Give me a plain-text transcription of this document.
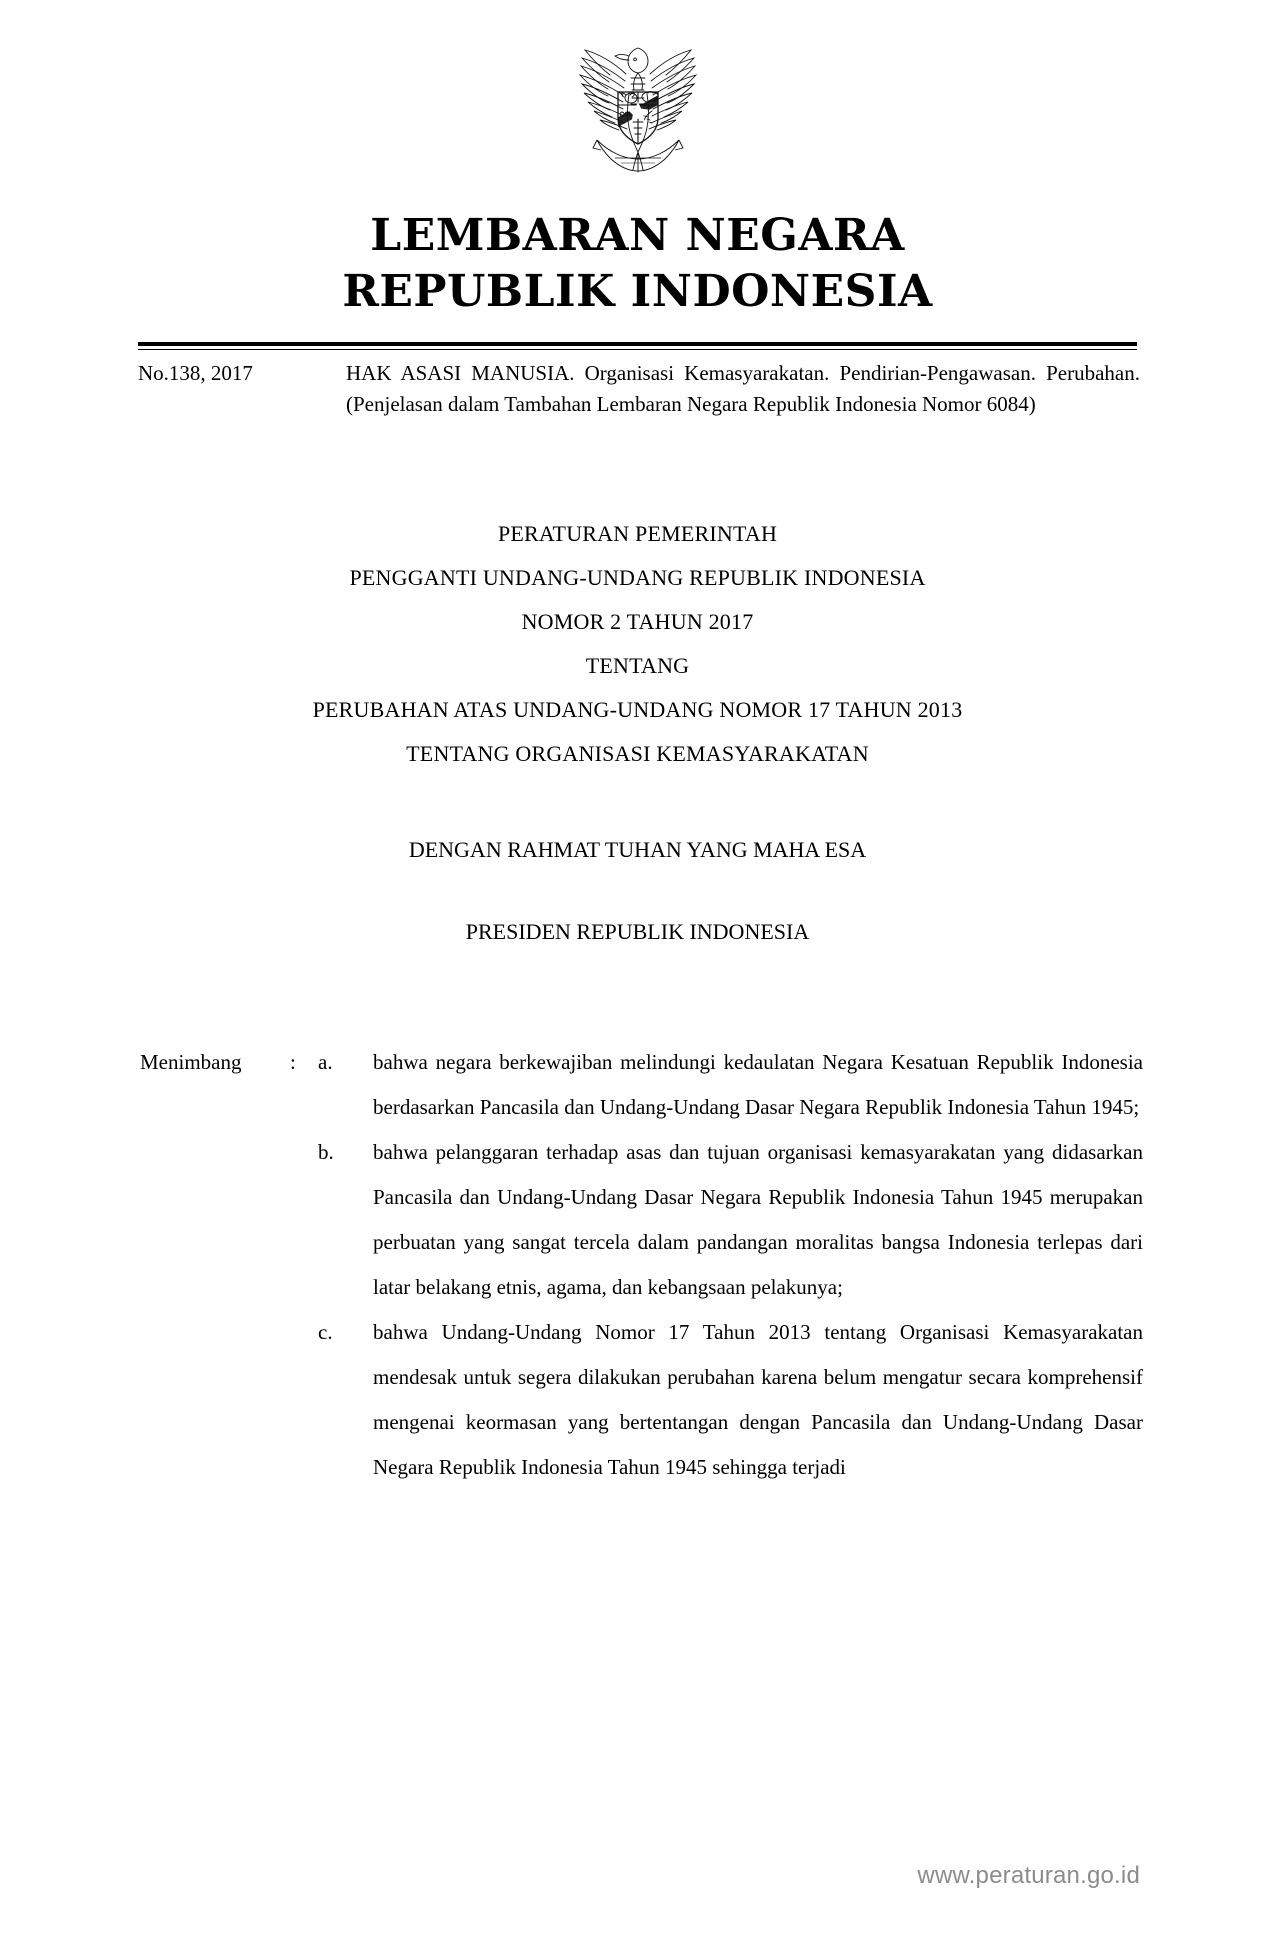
LEMBARAN NEGARA
REPUBLIK INDONESIA
No.138, 2017	HAK ASASI MANUSIA. Organisasi Kemasyarakatan. Pendirian-Pengawasan. Perubahan. (Penjelasan dalam Tambahan Lembaran Negara Republik Indonesia Nomor 6084)
PERATURAN PEMERINTAH
PENGGANTI UNDANG-UNDANG REPUBLIK INDONESIA
NOMOR 2 TAHUN 2017
TENTANG
PERUBAHAN ATAS UNDANG-UNDANG NOMOR 17 TAHUN 2013
TENTANG ORGANISASI KEMASYARAKATAN
DENGAN RAHMAT TUHAN YANG MAHA ESA
PRESIDEN REPUBLIK INDONESIA
Menimbang	:	a.	bahwa negara berkewajiban melindungi kedaulatan Negara Kesatuan Republik Indonesia berdasarkan Pancasila dan Undang-Undang Dasar Negara Republik Indonesia Tahun 1945;
b.	bahwa pelanggaran terhadap asas dan tujuan organisasi kemasyarakatan yang didasarkan Pancasila dan Undang-Undang Dasar Negara Republik Indonesia Tahun 1945 merupakan perbuatan yang sangat tercela dalam pandangan moralitas bangsa Indonesia terlepas dari latar belakang etnis, agama, dan kebangsaan pelakunya;
c.	bahwa Undang-Undang Nomor 17 Tahun 2013 tentang Organisasi Kemasyarakatan mendesak untuk segera dilakukan perubahan karena belum mengatur secara komprehensif mengenai keormasan yang bertentangan dengan Pancasila dan Undang-Undang Dasar Negara Republik Indonesia Tahun 1945 sehingga terjadi
www.peraturan.go.id
